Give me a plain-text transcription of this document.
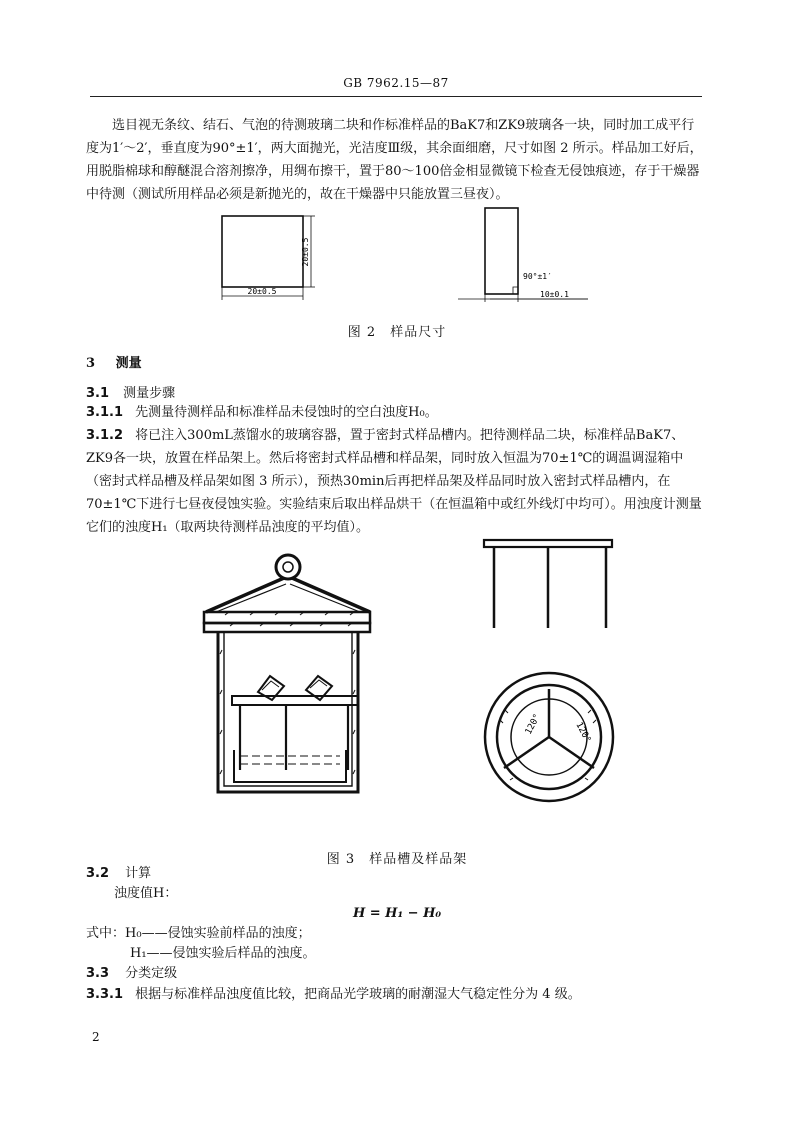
GB 7962.15—87
选目视无条纹、结石、气泡的待测玻璃二块和作标准样品的BaK7和ZK9玻璃各一块，同时加工成平行度为1′～2′，垂直度为90°±1′，两大面抛光，光洁度Ⅲ级，其余面细磨，尺寸如图 2 所示。样品加工好后，用脱脂棉球和醇醚混合溶剂擦净，用绸布擦干，置于80～100倍金相显微镜下检查无侵蚀痕迹，存于干燥器中待测（测试所用样品必须是新抛光的，故在干燥器中只能放置三昼夜）。
20±0.5
20±0.5
90°±1′
10±0.1
图 2　样品尺寸
3 测量
3.1 测量步骤
3.1.1 先测量待测样品和标准样品未侵蚀时的空白浊度H₀。
3.1.2 将已注入300mL蒸馏水的玻璃容器，置于密封式样品槽内。把待测样品二块，标准样品BaK7、ZK9各一块，放置在样品架上。然后将密封式样品槽和样品架，同时放入恒温为70±1℃的调温调湿箱中（密封式样品槽及样品架如图 3 所示），预热30min后再把样品架及样品同时放入密封式样品槽内，在70±1℃下进行七昼夜侵蚀实验。实验结束后取出样品烘干（在恒温箱中或红外线灯中均可）。用浊度计测量它们的浊度H₁（取两块待测样品浊度的平均值）。
120°	120°
图 3　样品槽及样品架
3.2 计算
浊度值H：
H = H₁ − H₀
式中：H₀——侵蚀实验前样品的浊度；
H₁——侵蚀实验后样品的浊度。
3.3 分类定级
3.3.1 根据与标准样品浊度值比较，把商品光学玻璃的耐潮湿大气稳定性分为 4 级。
2
